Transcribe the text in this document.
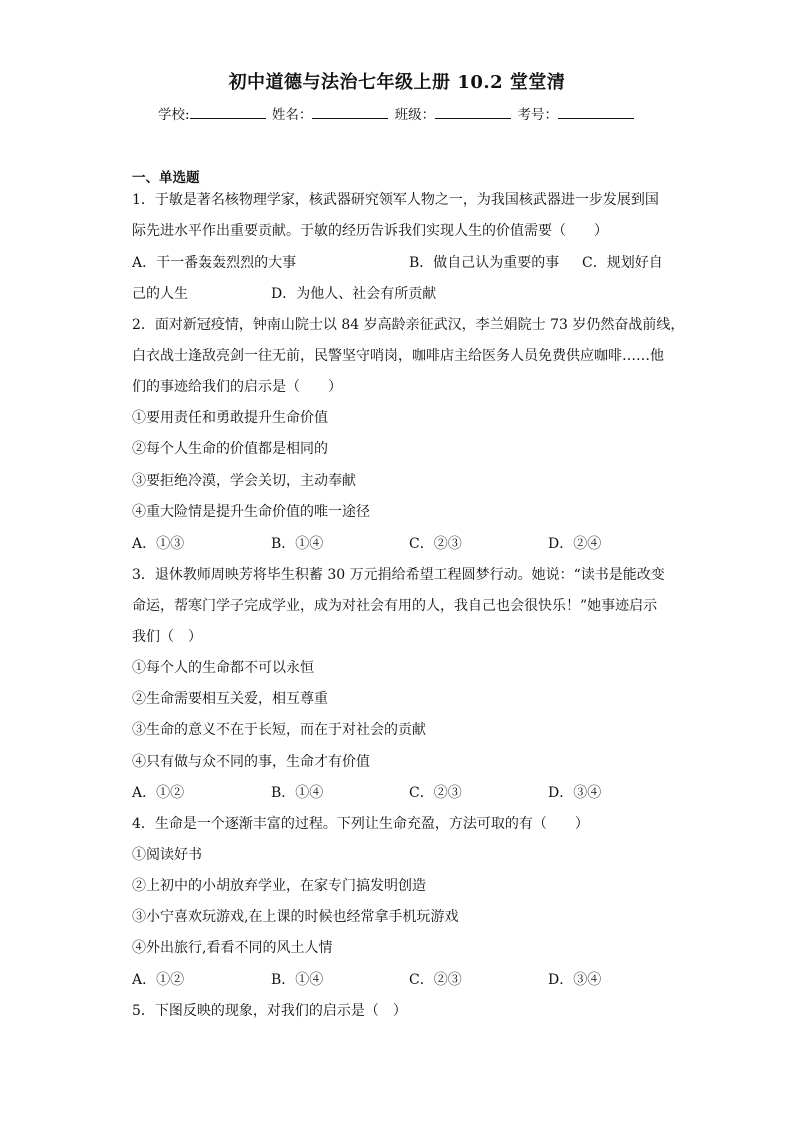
初中道德与法治七年级上册 10.2 堂堂清
学校:	姓名：	班级：	考号：
一、单选题
1．于敏是著名核物理学家，核武器研究领军人物之一，为我国核武器进一步发展到国
际先进水平作出重要贡献。于敏的经历告诉我们实现人生的价值需要（　　）
A．干一番轰轰烈烈的大事	B．做自己认为重要的事 C．规划好自
己的人生	D．为他人、社会有所贡献
2．面对新冠疫情，钟南山院士以 84 岁高龄亲征武汉，李兰娟院士 73 岁仍然奋战前线，
白衣战士逢敌亮剑一往无前，民警坚守哨岗，咖啡店主给医务人员免费供应咖啡……他
们的事迹给我们的启示是（　　）
①要用责任和勇敢提升生命价值
②每个人生命的价值都是相同的
③要拒绝冷漠，学会关切，主动奉献
④重大险情是提升生命价值的唯一途径
A．①③	B．①④	C．②③	D．②④
3．退休教师周映芳将毕生积蓄 30 万元捐给希望工程圆梦行动。她说：“读书是能改变
命运，帮寒门学子完成学业，成为对社会有用的人，我自己也会很快乐！”她事迹启示
我们（　）
①每个人的生命都不可以永恒
②生命需要相互关爱，相互尊重
③生命的意义不在于长短，而在于对社会的贡献
④只有做与众不同的事，生命才有价值
A．①②	B．①④	C．②③	D．③④
4．生命是一个逐渐丰富的过程。下列让生命充盈，方法可取的有（　　）
①阅读好书
②上初中的小胡放弃学业，在家专门搞发明创造
③小宁喜欢玩游戏,在上课的时候也经常拿手机玩游戏
④外出旅行,看看不同的风土人情
A．①②	B．①④	C．②③	D．③④
5．下图反映的现象，对我们的启示是（　）
